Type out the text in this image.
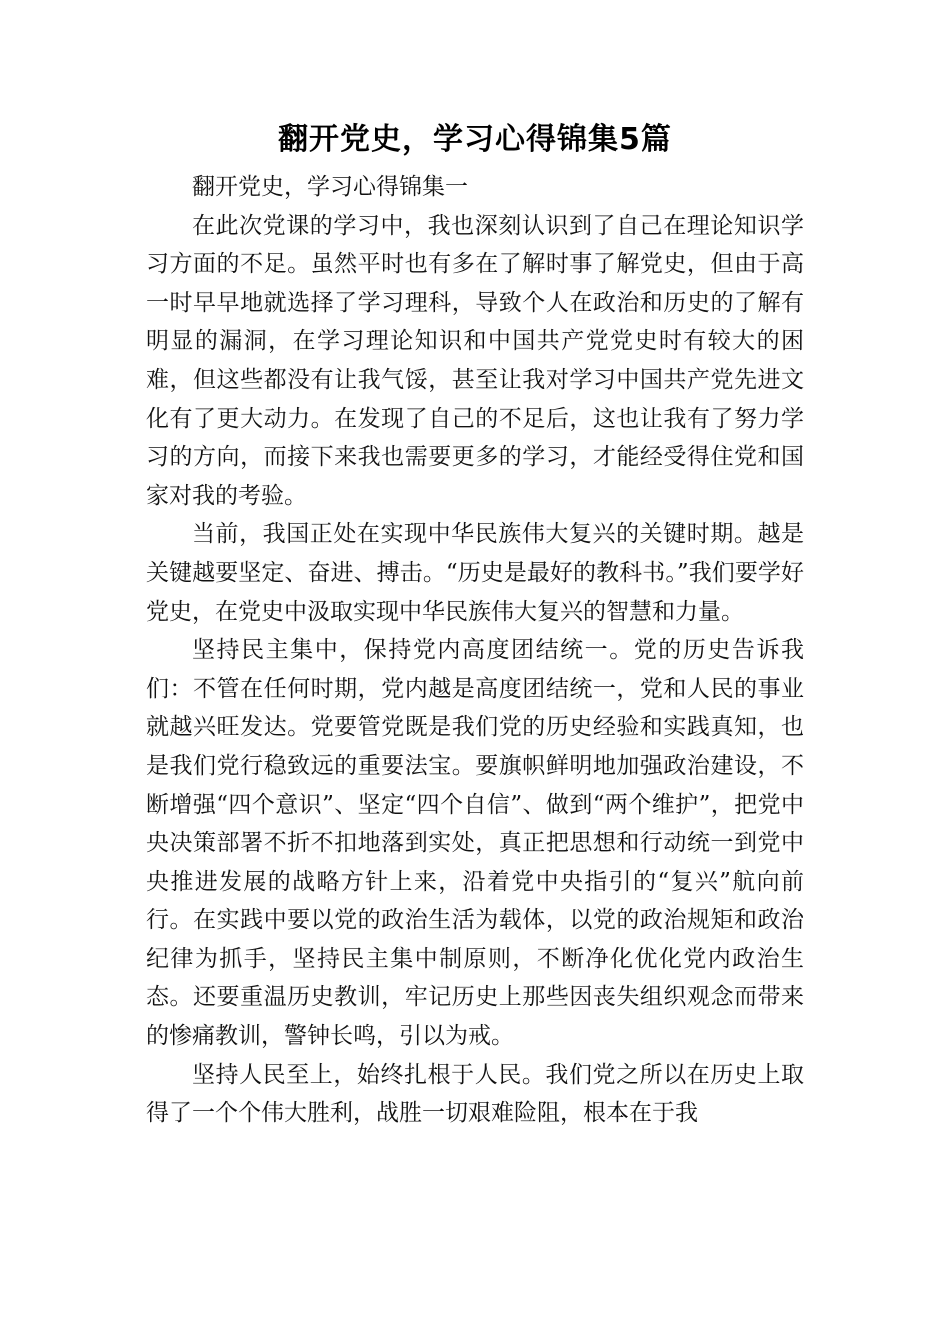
翻开党史，学习心得锦集5篇

翻开党史，学习心得锦集一

在此次党课的学习中，我也深刻认识到了自己在理论知识学习方面的不足。虽然平时也有多在了解时事了解党史，但由于高一时早早地就选择了学习理科，导致个人在政治和历史的了解有明显的漏洞，在学习理论知识和中国共产党党史时有较大的困难，但这些都没有让我气馁，甚至让我对学习中国共产党先进文化有了更大动力。在发现了自己的不足后，这也让我有了努力学习的方向，而接下来我也需要更多的学习，才能经受得住党和国家对我的考验。

当前，我国正处在实现中华民族伟大复兴的关键时期。越是关键越要坚定、奋进、搏击。“历史是最好的教科书。”我们要学好党史，在党史中汲取实现中华民族伟大复兴的智慧和力量。

坚持民主集中，保持党内高度团结统一。党的历史告诉我们：不管在任何时期，党内越是高度团结统一，党和人民的事业就越兴旺发达。党要管党既是我们党的历史经验和实践真知，也是我们党行稳致远的重要法宝。要旗帜鲜明地加强政治建设，不断增强“四个意识”、坚定“四个自信”、做到“两个维护”，把党中央决策部署不折不扣地落到实处，真正把思想和行动统一到党中央推进发展的战略方针上来，沿着党中央指引的“复兴”航向前行。在实践中要以党的政治生活为载体，以党的政治规矩和政治纪律为抓手，坚持民主集中制原则，不断净化优化党内政治生态。还要重温历史教训，牢记历史上那些因丧失组织观念而带来的惨痛教训，警钟长鸣，引以为戒。

坚持人民至上，始终扎根于人民。我们党之所以在历史上取得了一个个伟大胜利，战胜一切艰难险阻，根本在于我
